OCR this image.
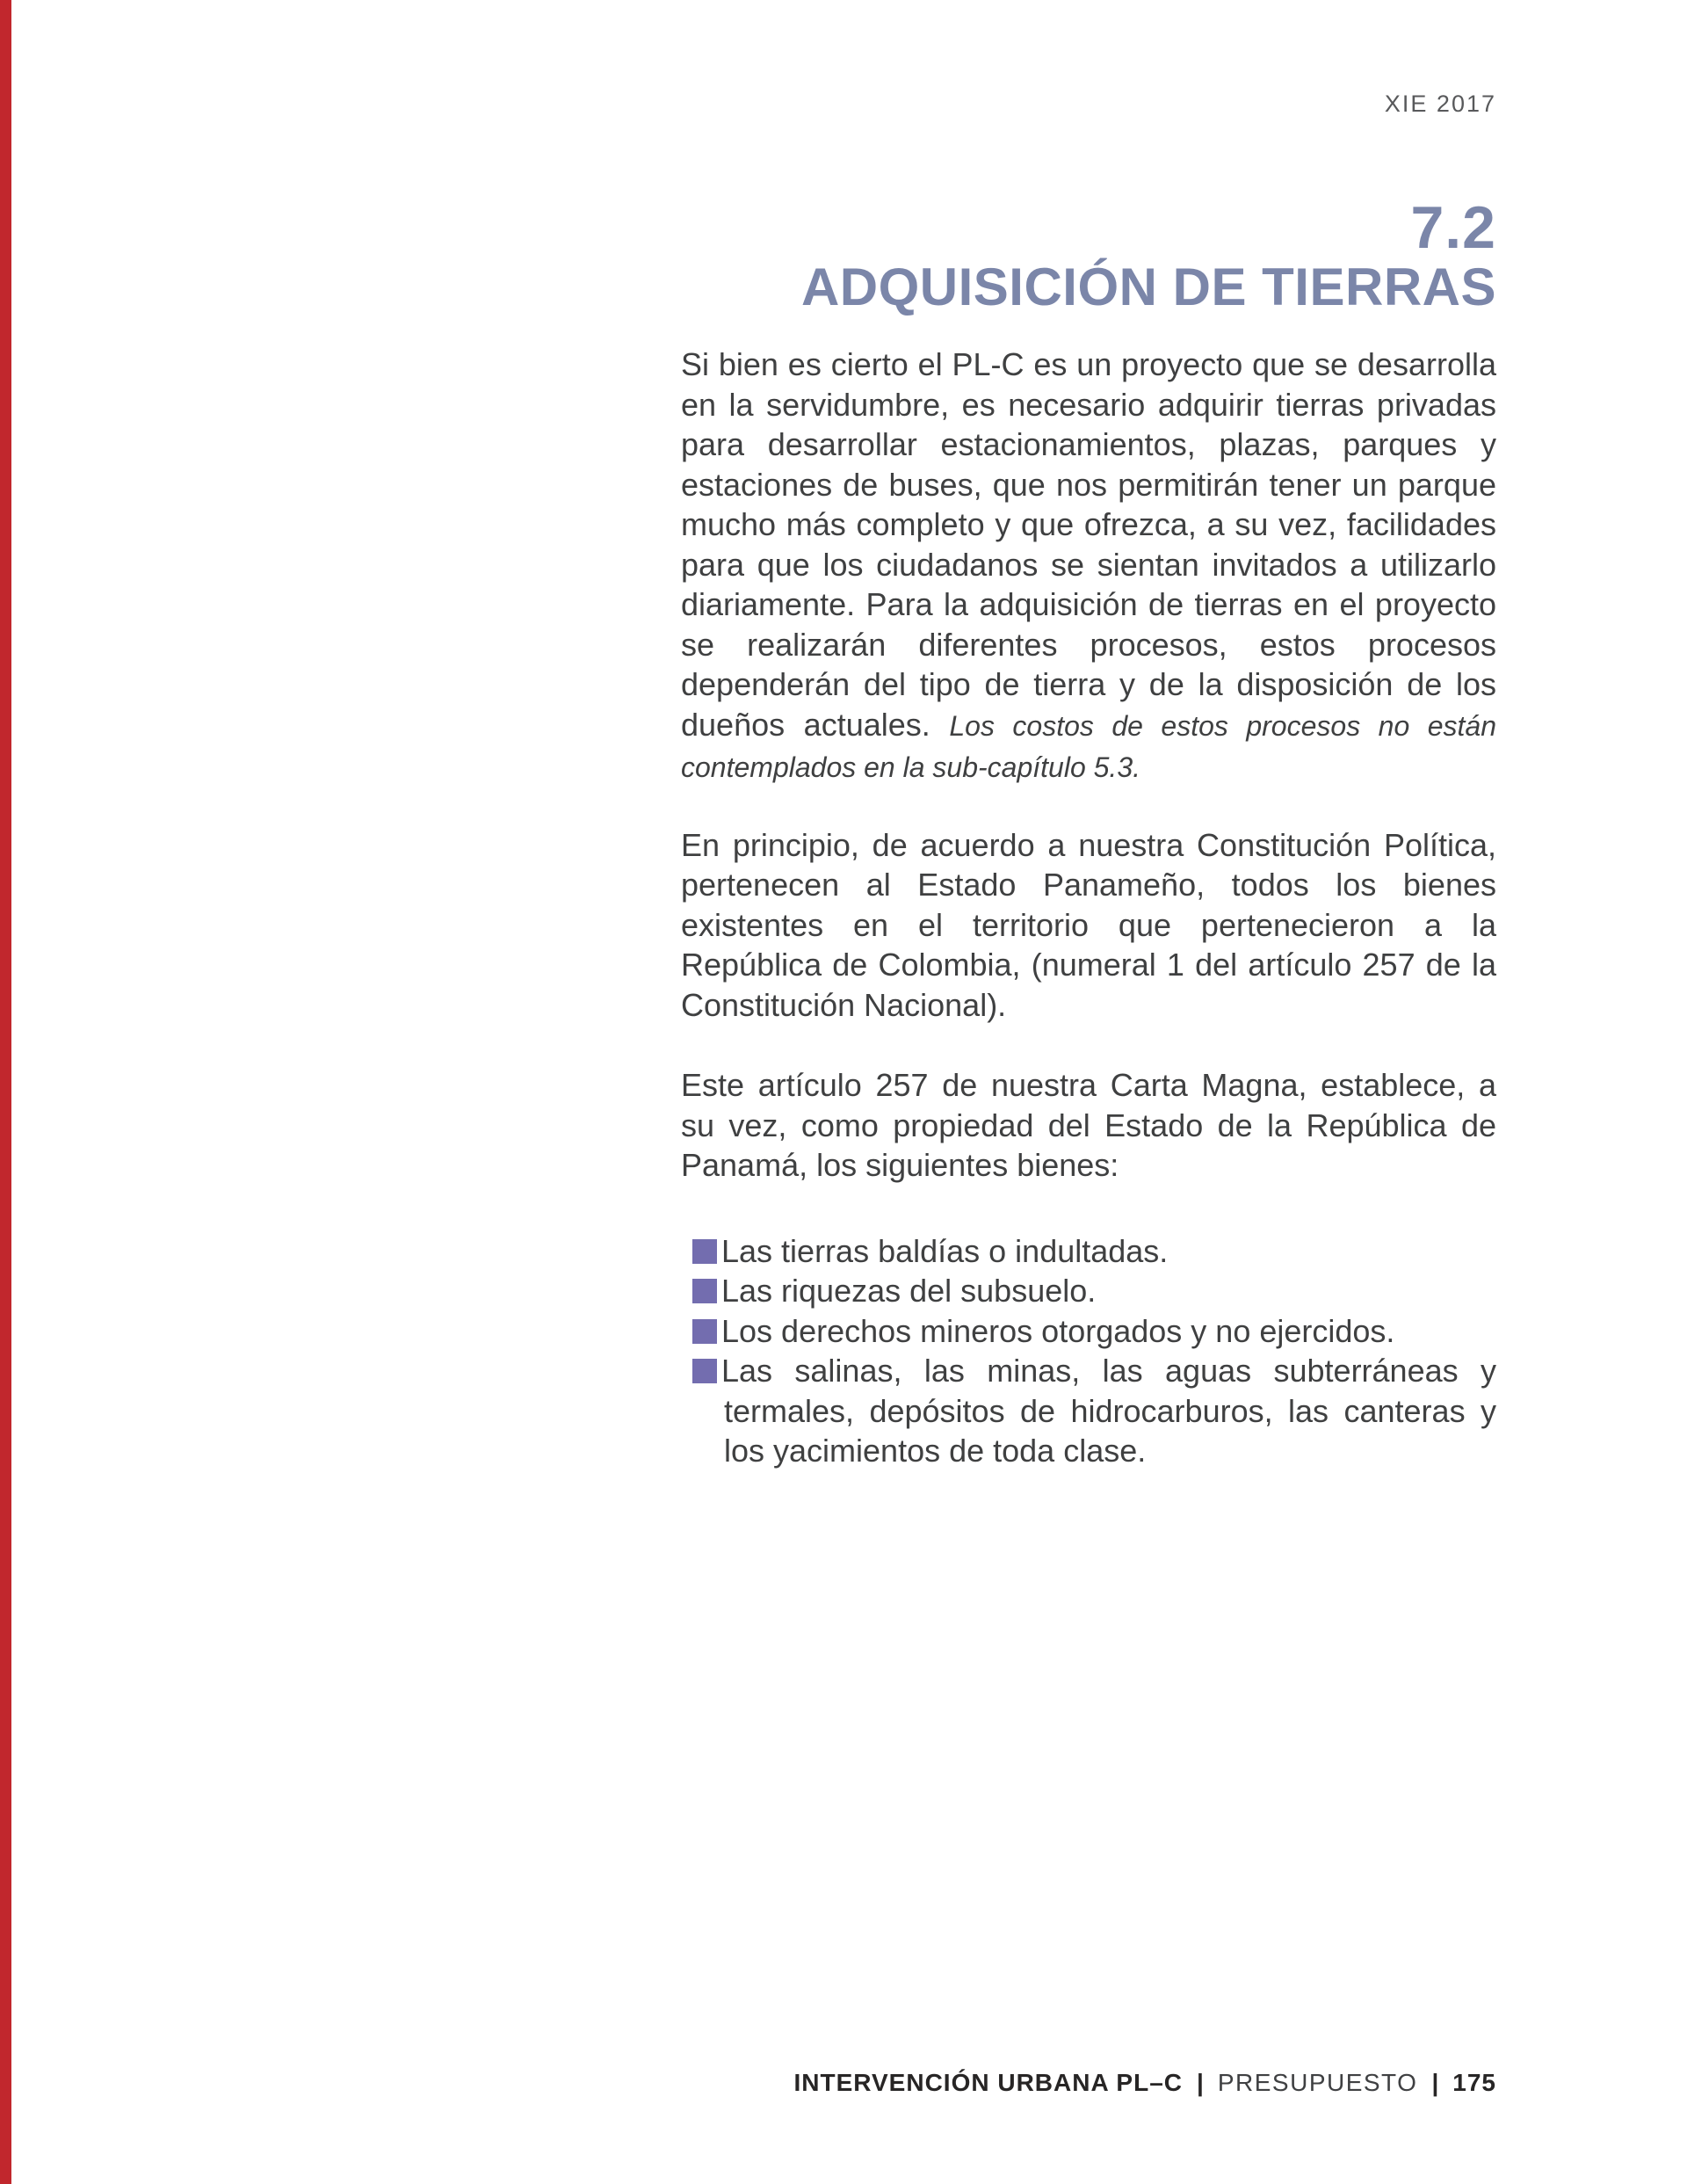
XIE 2017
7.2
ADQUISICIÓN DE TIERRAS

Si bien es cierto el PL-C es un proyecto que se desarrolla en la servidumbre, es necesario adquirir tierras privadas para desarrollar estacionamientos, plazas, parques y estaciones de buses, que nos permitirán tener un parque mucho más completo y que ofrezca, a su vez, facilidades para que los ciudadanos se sientan invitados a utilizarlo diariamente. Para la adquisición de tierras en el proyecto se realizarán diferentes procesos, estos procesos dependerán del tipo de tierra y de la disposición de los dueños actuales. Los costos de estos procesos no están contemplados en la sub-capítulo 5.3.

En principio, de acuerdo a nuestra Constitución Política, pertenecen al Estado Panameño, todos los bienes existentes en el territorio que pertenecieron a la República de Colombia, (numeral 1 del artículo 257 de la Constitución Nacional).

Este artículo 257 de nuestra Carta Magna, establece, a su vez, como propiedad del Estado de la República de Panamá, los siguientes bienes:

Las tierras baldías o indultadas.
Las riquezas del subsuelo.
Los derechos mineros otorgados y no ejercidos.
Las salinas, las minas, las aguas subterráneas y termales, depósitos de hidrocarburos, las canteras y los yacimientos de toda clase.
INTERVENCIÓN URBANA PL–C | PRESUPUESTO | 175
